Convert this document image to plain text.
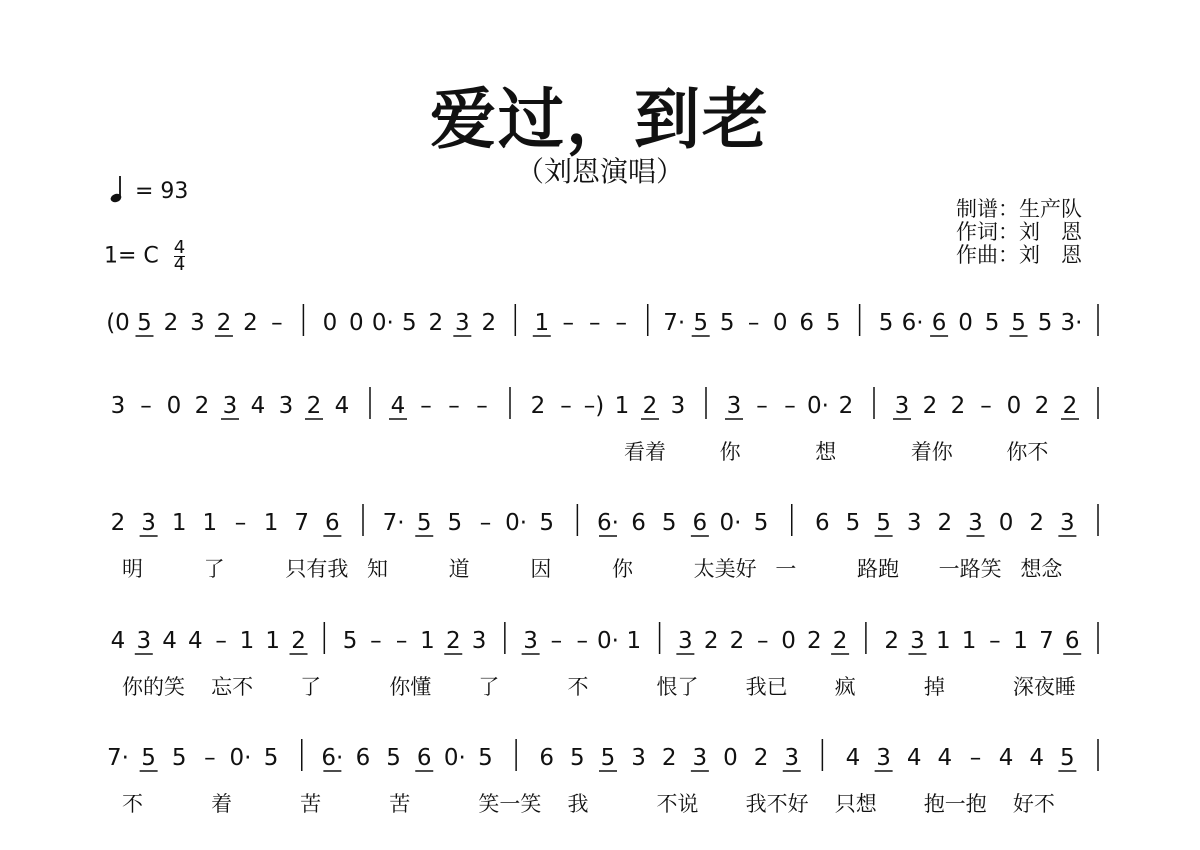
爱过，到老
（刘恩演唱）
= 93
1= C $\frac{4}{4}$
制谱：生产队
作词：刘　恩
作曲：刘　恩
(0 5 2 3 2 2 – 0 0 0· 5 2 3 2 1 – – – 7· 5 5 – 0 6 5 5 6· 6 0 5 5 5 3·
3 – 0 2 3 4 3 2 4 4 – – – 2 – –) 1 2 3 3 – – 0· 2 3 2 2 – 0 2 2
看着	你	想	着你	你不
2 3 1 1 – 1 7 6 7· 5 5 – 0· 5 6· 6 5 6 0· 5 6 5 5 3 2 3 0 2 3
明	了	只有我 知	道	因	你	太美好 一	路跑 一路笑 想念
4 3 4 4 – 1 1 2 5 – – 1 2 3 3 – – 0· 1 3 2 2 – 0 2 2 2 3 1 1 – 1 7 6
你的笑 忘不 了	你懂 了	不	恨了 我已 疯	掉	深夜睡
7· 5 5 – 0· 5 6· 6 5 6 0· 5 6 5 5 3 2 3 0 2 3 4 3 4 4 – 4 4 5
不	着	苦	苦	笑一笑 我	不说 我不好 只想 抱一抱 好不
